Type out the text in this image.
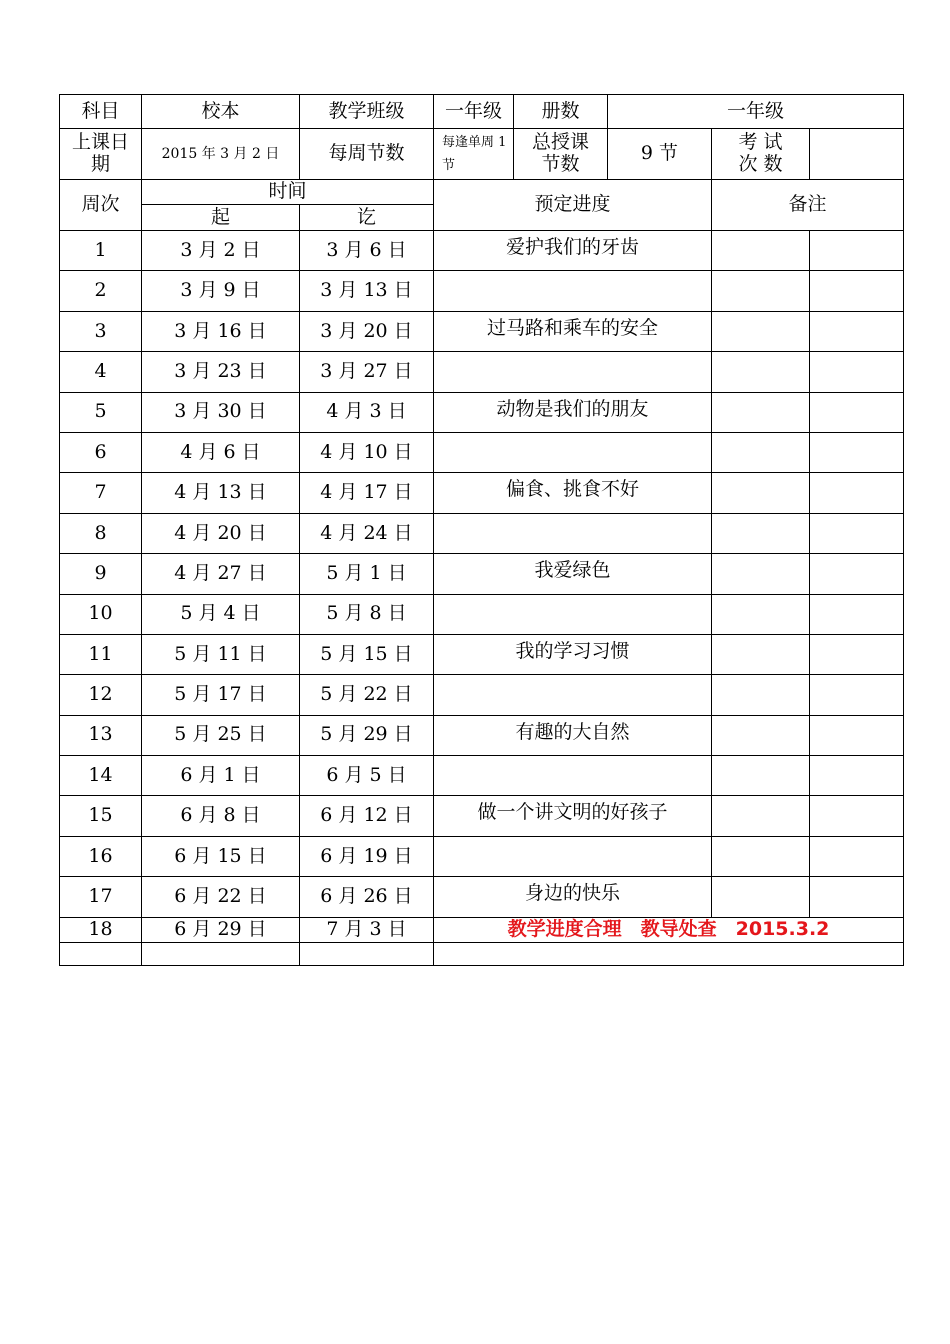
科目	校本	教学班级	一年级	册数	一年级		
上课日期	2015 年 3 月 2 日	每周节数	每逢单周 1 节	总授课节数	9 节	考 试 次 数	
周次	时间		预定进度			备注	
	起	讫					
1	3 月 2 日	3 月 6 日	爱护我们的牙齿				
2	3 月 9 日	3 月 13 日					
3	3 月 16 日	3 月 20 日	过马路和乘车的安全				
4	3 月 23 日	3 月 27 日					
5	3 月 30 日	4 月 3 日	动物是我们的朋友				
6	4 月 6 日	4 月 10 日					
7	4 月 13 日	4 月 17 日	偏食、挑食不好				
8	4 月 20 日	4 月 24 日					
9	4 月 27 日	5 月 1 日	我爱绿色				
10	5 月 4 日	5 月 8 日					
11	5 月 11 日	5 月 15 日	我的学习习惯				
12	5 月 17 日	5 月 22 日					
13	5 月 25 日	5 月 29 日	有趣的大自然				
14	6 月 1 日	6 月 5 日					
15	6 月 8 日	6 月 12 日	做一个讲文明的好孩子				
16	6 月 15 日	6 月 19 日					
17	6 月 22 日	6 月 26 日	身边的快乐				
18	6 月 29 日	7 月 3 日	教学进度合理　教导处查　2015.3.2				
